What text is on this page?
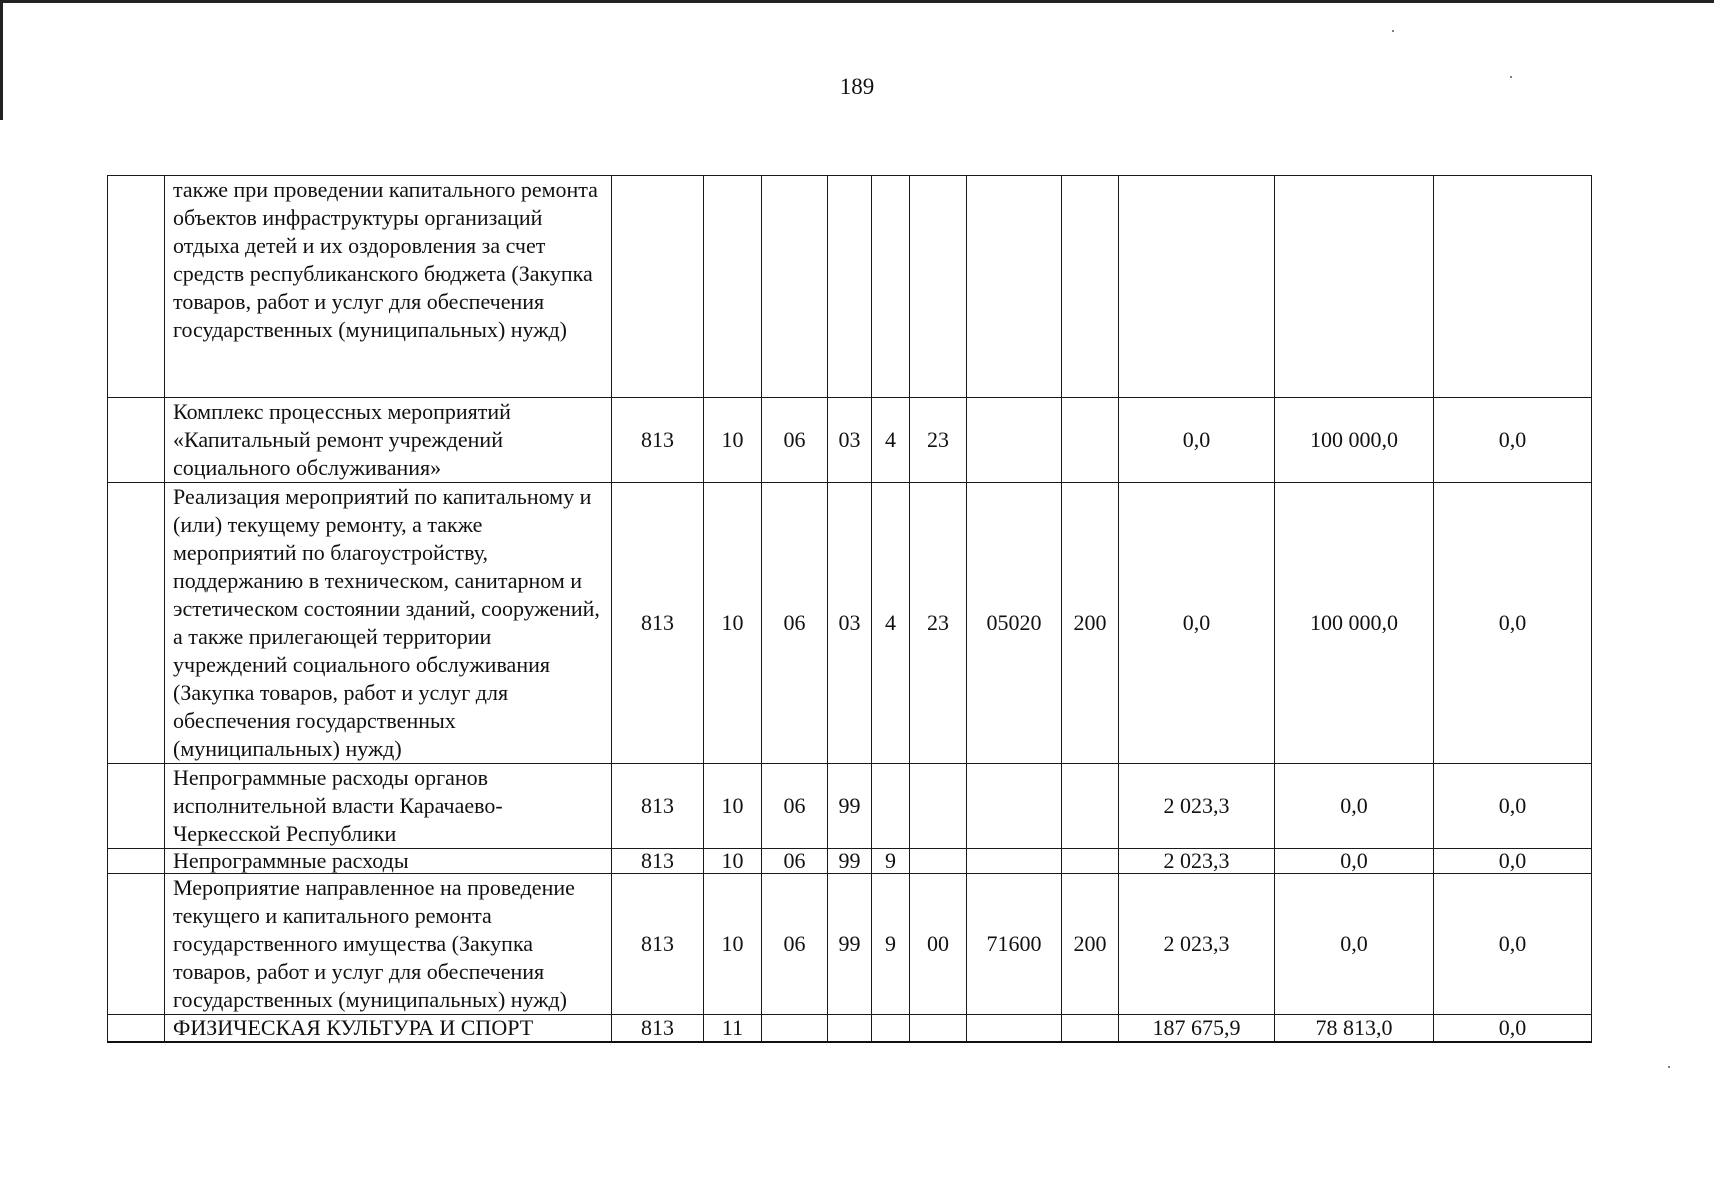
189
	также при проведении капитального ремонта объектов инфраструктуры организаций отдыха детей и их оздоровления за счет средств республиканского бюджета (Закупка товаров, работ и услуг для обеспечения государственных (муниципальных) нужд)											
	Комплекс процессных мероприятий «Капитальный ремонт учреждений социального обслуживания»	813	10	06	03	4	23			0,0	100 000,0	0,0
	Реализация мероприятий по капитальному и (или) текущему ремонту, а также мероприятий по благоустройству, поддержанию в техническом, санитарном и эстетическом состоянии зданий, сооружений, а также прилегающей территории учреждений социального обслуживания (Закупка товаров, работ и услуг для обеспечения государственных (муниципальных) нужд)	813	10	06	03	4	23	05020	200	0,0	100 000,0	0,0
	Непрограммные расходы органов исполнительной власти Карачаево-Черкесской Республики	813	10	06	99					2 023,3	0,0	0,0
	Непрограммные расходы	813	10	06	99	9				2 023,3	0,0	0,0
	Мероприятие направленное на проведение текущего и капитального ремонта государственного имущества (Закупка товаров, работ и услуг для обеспечения государственных (муниципальных) нужд)	813	10	06	99	9	00	71600	200	2 023,3	0,0	0,0
	ФИЗИЧЕСКАЯ КУЛЬТУРА И СПОРТ	813	11							187 675,9	78 813,0	0,0
